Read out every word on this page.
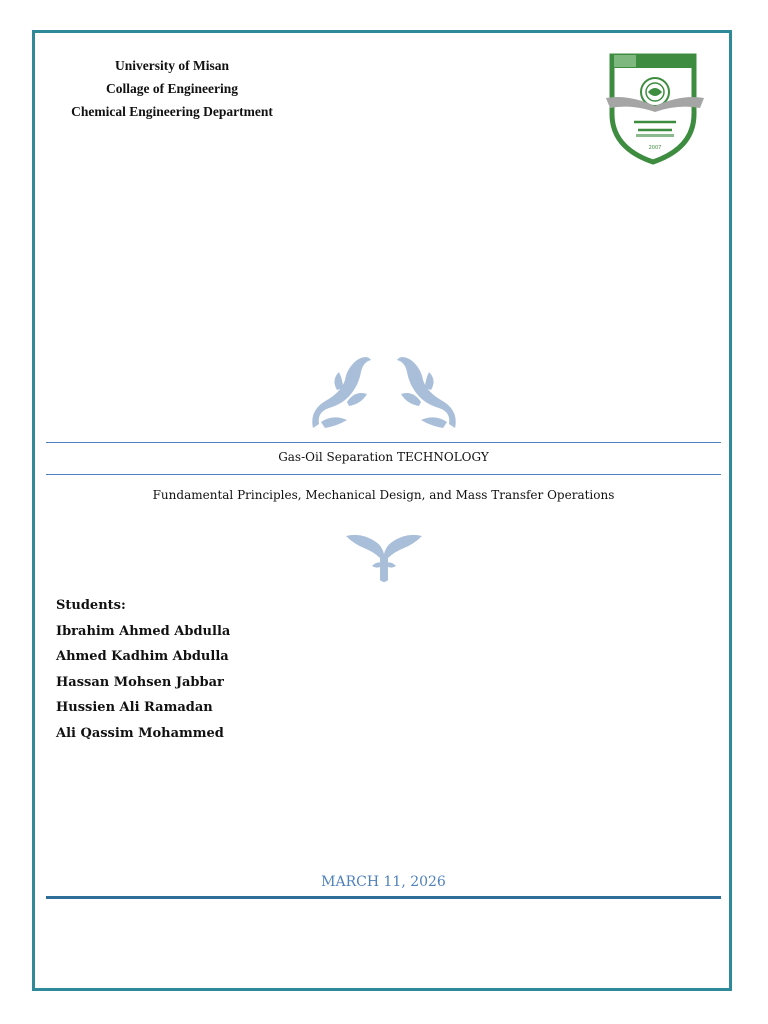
University of Misan
Collage of Engineering
Chemical Engineering Department
2007
Gas-Oil Separation TECHNOLOGY
Fundamental Principles, Mechanical Design, and Mass Transfer Operations
Students:
Ibrahim Ahmed Abdulla
Ahmed Kadhim Abdulla
Hassan Mohsen Jabbar
Hussien Ali Ramadan
Ali Qassim Mohammed
MARCH 11, 2026
